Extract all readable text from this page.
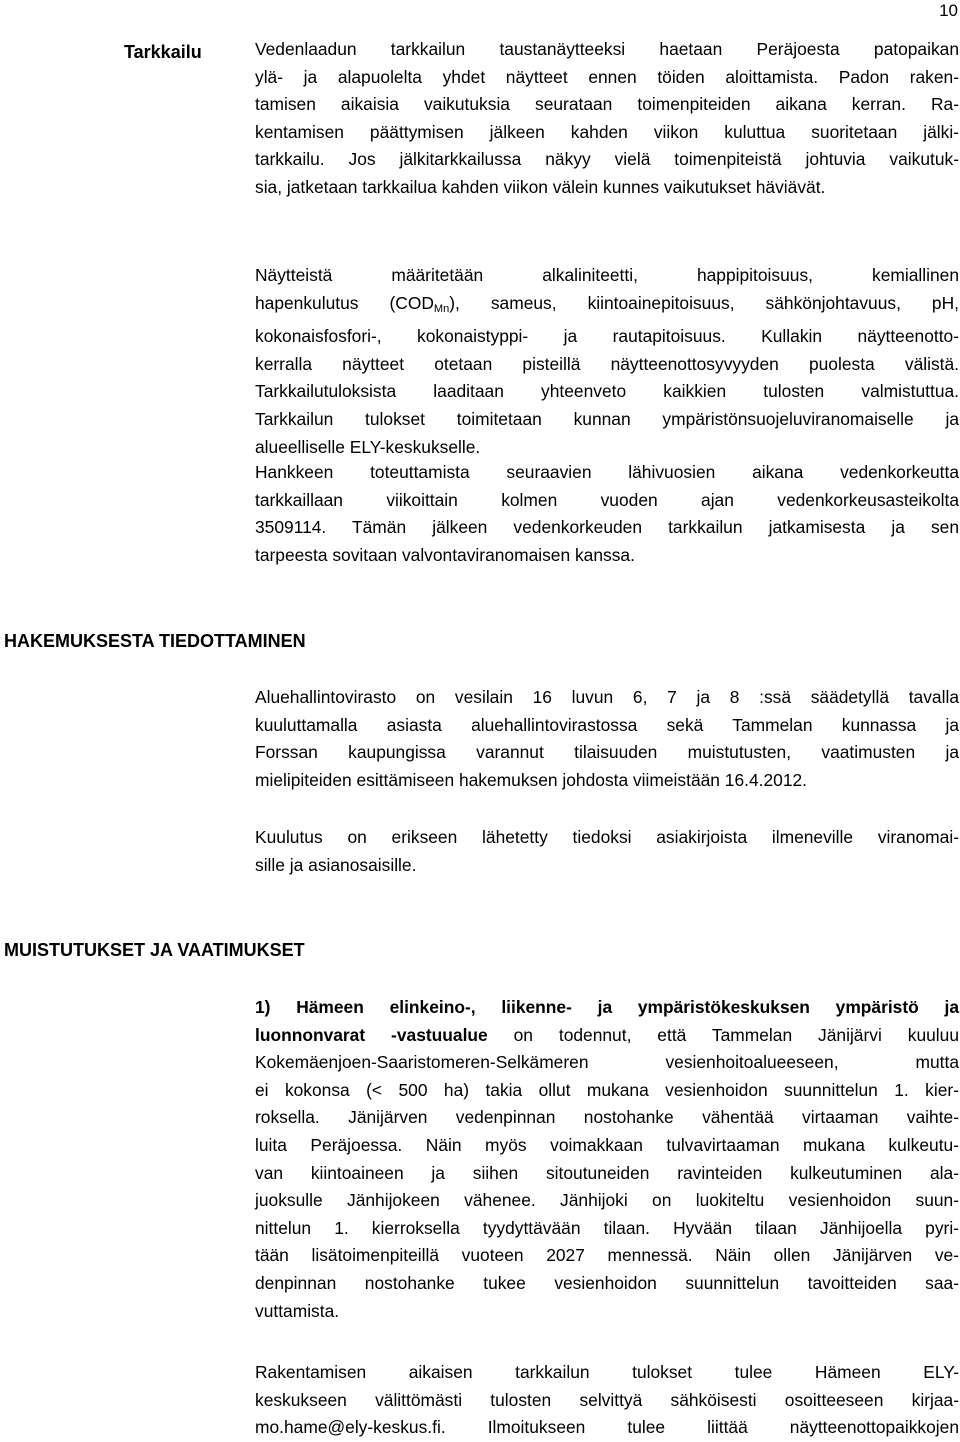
10
Tarkkailu	Vedenlaadun tarkkailun taustanäytteeksi haetaan Peräjoesta patopaikan
ylä- ja alapuolelta yhdet näytteet ennen töiden aloittamista. Padon raken-
tamisen aikaisia vaikutuksia seurataan toimenpiteiden aikana kerran. Ra-
kentamisen päättymisen jälkeen kahden viikon kuluttua suoritetaan jälki-
tarkkailu. Jos jälkitarkkailussa näkyy vielä toimenpiteistä johtuvia vaikutuk-
sia, jatketaan tarkkailua kahden viikon välein kunnes vaikutukset häviävät.
Näytteistä määritetään alkaliniteetti, happipitoisuus, kemiallinen
hapenkulutus $(COD_{Mn})$, sameus, kiintoainepitoisuus, sähkönjohtavuus, pH,
kokonaisfosfori-, kokonaistyppi- ja rautapitoisuus. Kullakin näytteenotto-
kerralla näytteet otetaan pisteillä näytteenottosyvyyden puolesta välistä.
Tarkkailutuloksista laaditaan yhteenveto kaikkien tulosten valmistuttua.
Tarkkailun tulokset toimitetaan kunnan ympäristönsuojeluviranomaiselle ja
alueelliselle ELY-keskukselle.
Hankkeen toteuttamista seuraavien lähivuosien aikana vedenkorkeutta
tarkkaillaan viikoittain kolmen vuoden ajan vedenkorkeusasteikolta
3509114. Tämän jälkeen vedenkorkeuden tarkkailun jatkamisesta ja sen
tarpeesta sovitaan valvontaviranomaisen kanssa.
HAKEMUKSESTA TIEDOTTAMINEN
Aluehallintovirasto on vesilain 16 luvun 6, 7 ja 8 :ssä säädetyllä tavalla
kuuluttamalla asiasta aluehallintovirastossa sekä Tammelan kunnassa ja
Forssan kaupungissa varannut tilaisuuden muistutusten, vaatimusten ja
mielipiteiden esittämiseen hakemuksen johdosta viimeistään 16.4.2012.
Kuulutus on erikseen lähetetty tiedoksi asiakirjoista ilmeneville viranomai-
sille ja asianosaisille.
MUISTUTUKSET JA VAATIMUKSET
1) Hämeen elinkeino-, liikenne- ja ympäristökeskuksen ympäristö ja
luonnonvarat -vastuualue on todennut, että Tammelan Jänijärvi kuuluu
Kokemäenjoen-Saaristomeren-Selkämeren vesienhoitoalueeseen, mutta
ei kokonsa (< 500 ha) takia ollut mukana vesienhoidon suunnittelun 1. kier-
roksella. Jänijärven vedenpinnan nostohanke vähentää virtaaman vaihte-
luita Peräjoessa. Näin myös voimakkaan tulvavirtaaman mukana kulkeutu-
van kiintoaineen ja siihen sitoutuneiden ravinteiden kulkeutuminen ala-
juoksulle Jänhijokeen vähenee. Jänhijoki on luokiteltu vesienhoidon suun-
nittelun 1. kierroksella tyydyttävään tilaan. Hyvään tilaan Jänhijoella pyri-
tään lisätoimenpiteillä vuoteen 2027 mennessä. Näin ollen Jänijärven ve-
denpinnan nostohanke tukee vesienhoidon suunnittelun tavoitteiden saa-
vuttamista.
Rakentamisen aikaisen tarkkailun tulokset tulee Hämeen ELY-
keskukseen välittömästi tulosten selvittyä sähköisesti osoitteeseen kirjaa-
mo.hame@ely-keskus.fi. Ilmoitukseen tulee liittää näytteenottopaikkojen
